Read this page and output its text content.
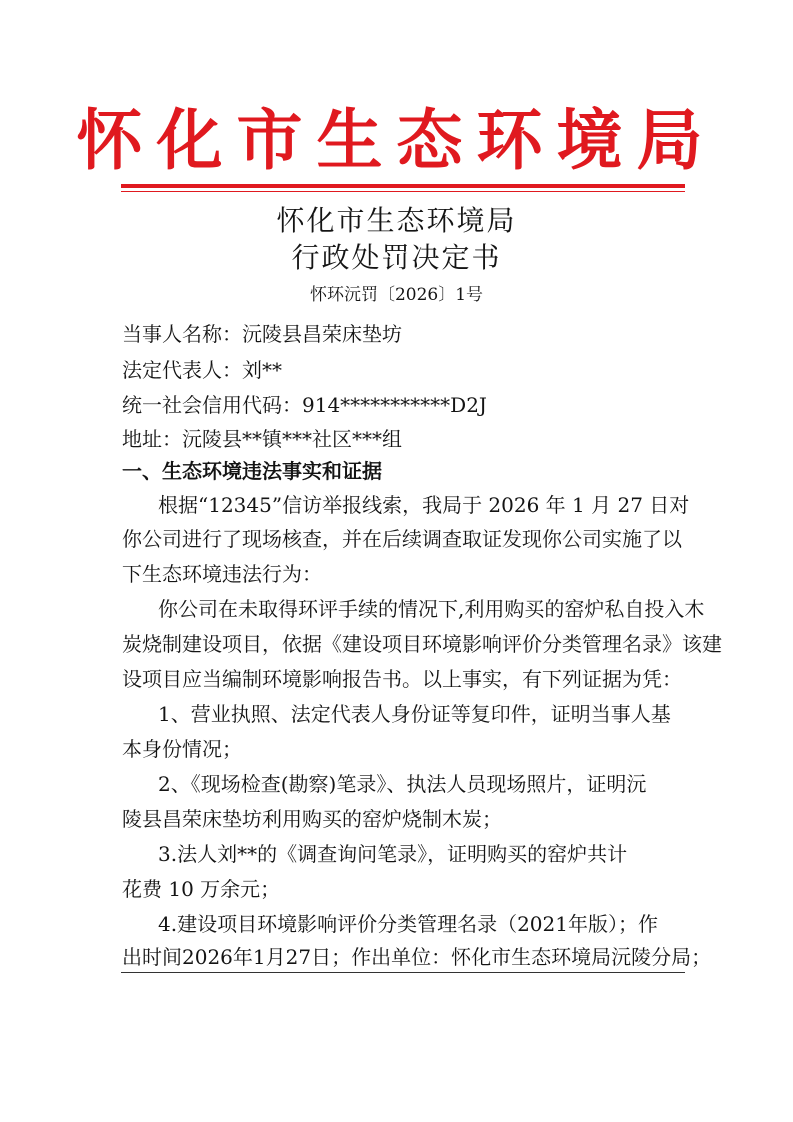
怀化市生态环境局
怀化市生态环境局
行政处罚决定书
怀环沅罚〔2026〕1号
当事人名称：沅陵县昌荣床垫坊
法定代表人：刘**
统一社会信用代码：914***********D2J
地址：沅陵县**镇***社区***组
一、生态环境违法事实和证据
根据“12345”信访举报线索，我局于 2026 年 1 月 27 日对
你公司进行了现场核查，并在后续调查取证发现你公司实施了以
下生态环境违法行为：
你公司在未取得环评手续的情况下,利用购买的窑炉私自投入木
炭烧制建设项目，依据《建设项目环境影响评价分类管理名录》该建
设项目应当编制环境影响报告书。以上事实，有下列证据为凭：
1、营业执照、法定代表人身份证等复印件，证明当事人基
本身份情况；
2、《现场检查(勘察)笔录》、执法人员现场照片，证明沅
陵县昌荣床垫坊利用购买的窑炉烧制木炭；
3.法人刘**的《调查询问笔录》，证明购买的窑炉共计
花费 10 万余元；
4.建设项目环境影响评价分类管理名录（2021年版）；作
出时间2026年1月27日；作出单位：怀化市生态环境局沅陵分局；
